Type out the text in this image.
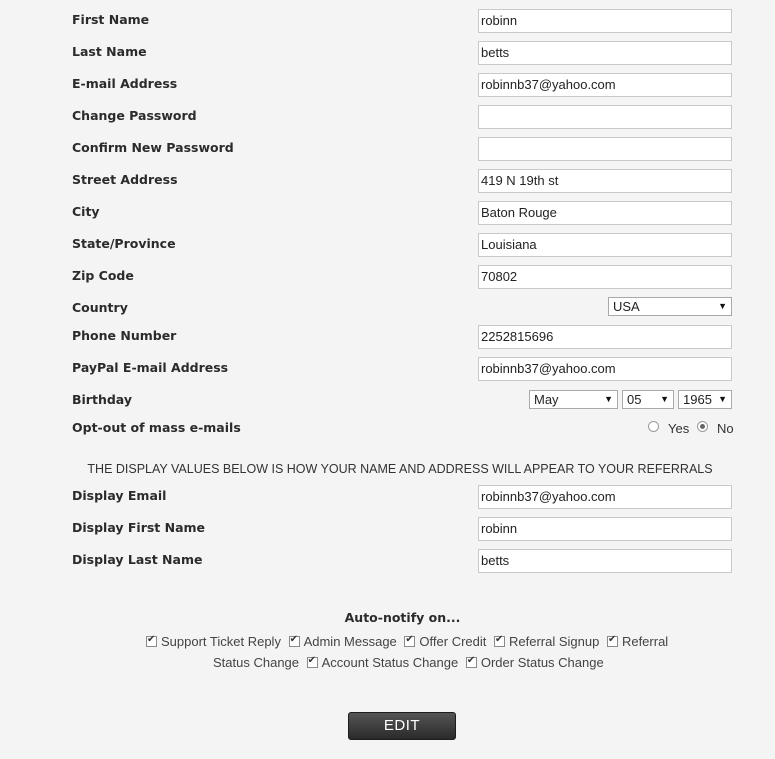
First Name	robinn
Last Name	betts
E-mail Address	robinnb37@yahoo.com
Change Password
Confirm New Password
Street Address	419 N 19th st
City	Baton Rouge
State/Province	Louisiana
Zip Code	70802
Country	USA	▼
Phone Number	2252815696
PayPal E-mail Address	robinnb37@yahoo.com
Birthday	May	▼	05 ▼	1965 ▼
Opt-out of mass e-mails	Yes No
THE DISPLAY VALUES BELOW IS HOW YOUR NAME AND ADDRESS WILL APPEAR TO YOUR REFERRALS
Display Email	robinnb37@yahoo.com
Display First Name	robinn
Display Last Name	betts
Auto-notify on...
✔Support Ticket Reply ✔ Admin Message ✔ Offer Credit ✔ Referral Signup ✔ Referral
Status Change ✔ Account Status Change ✔ Order Status Change
EDIT
